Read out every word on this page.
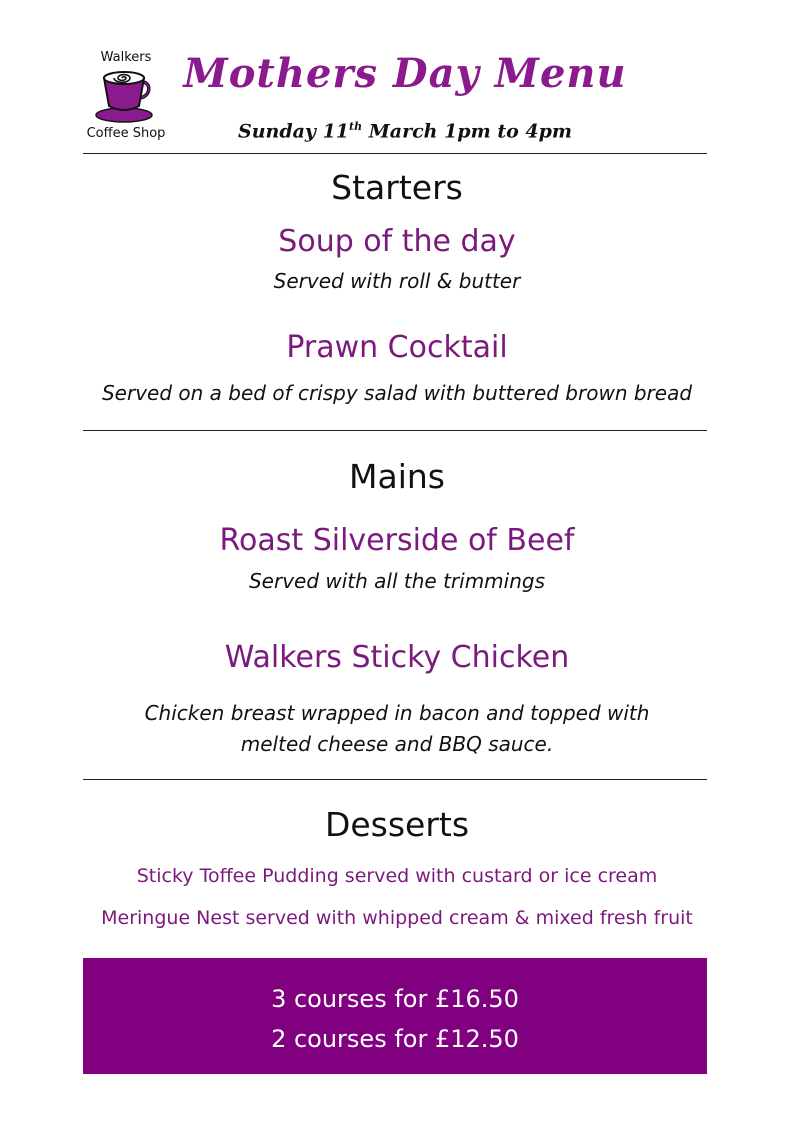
Walkers
Coffee Shop
Mothers Day Menu
Sunday 11th March 1pm to 4pm
Starters
Soup of the day
Served with roll & butter
Prawn Cocktail
Served on a bed of crispy salad with buttered brown bread
Mains
Roast Silverside of Beef
Served with all the trimmings
Walkers Sticky Chicken
Chicken breast wrapped in bacon and topped with
melted cheese and BBQ sauce.
Desserts
Sticky Toffee Pudding served with custard or ice cream
Meringue Nest served with whipped cream & mixed fresh fruit
3 courses for £16.50
2 courses for £12.50
